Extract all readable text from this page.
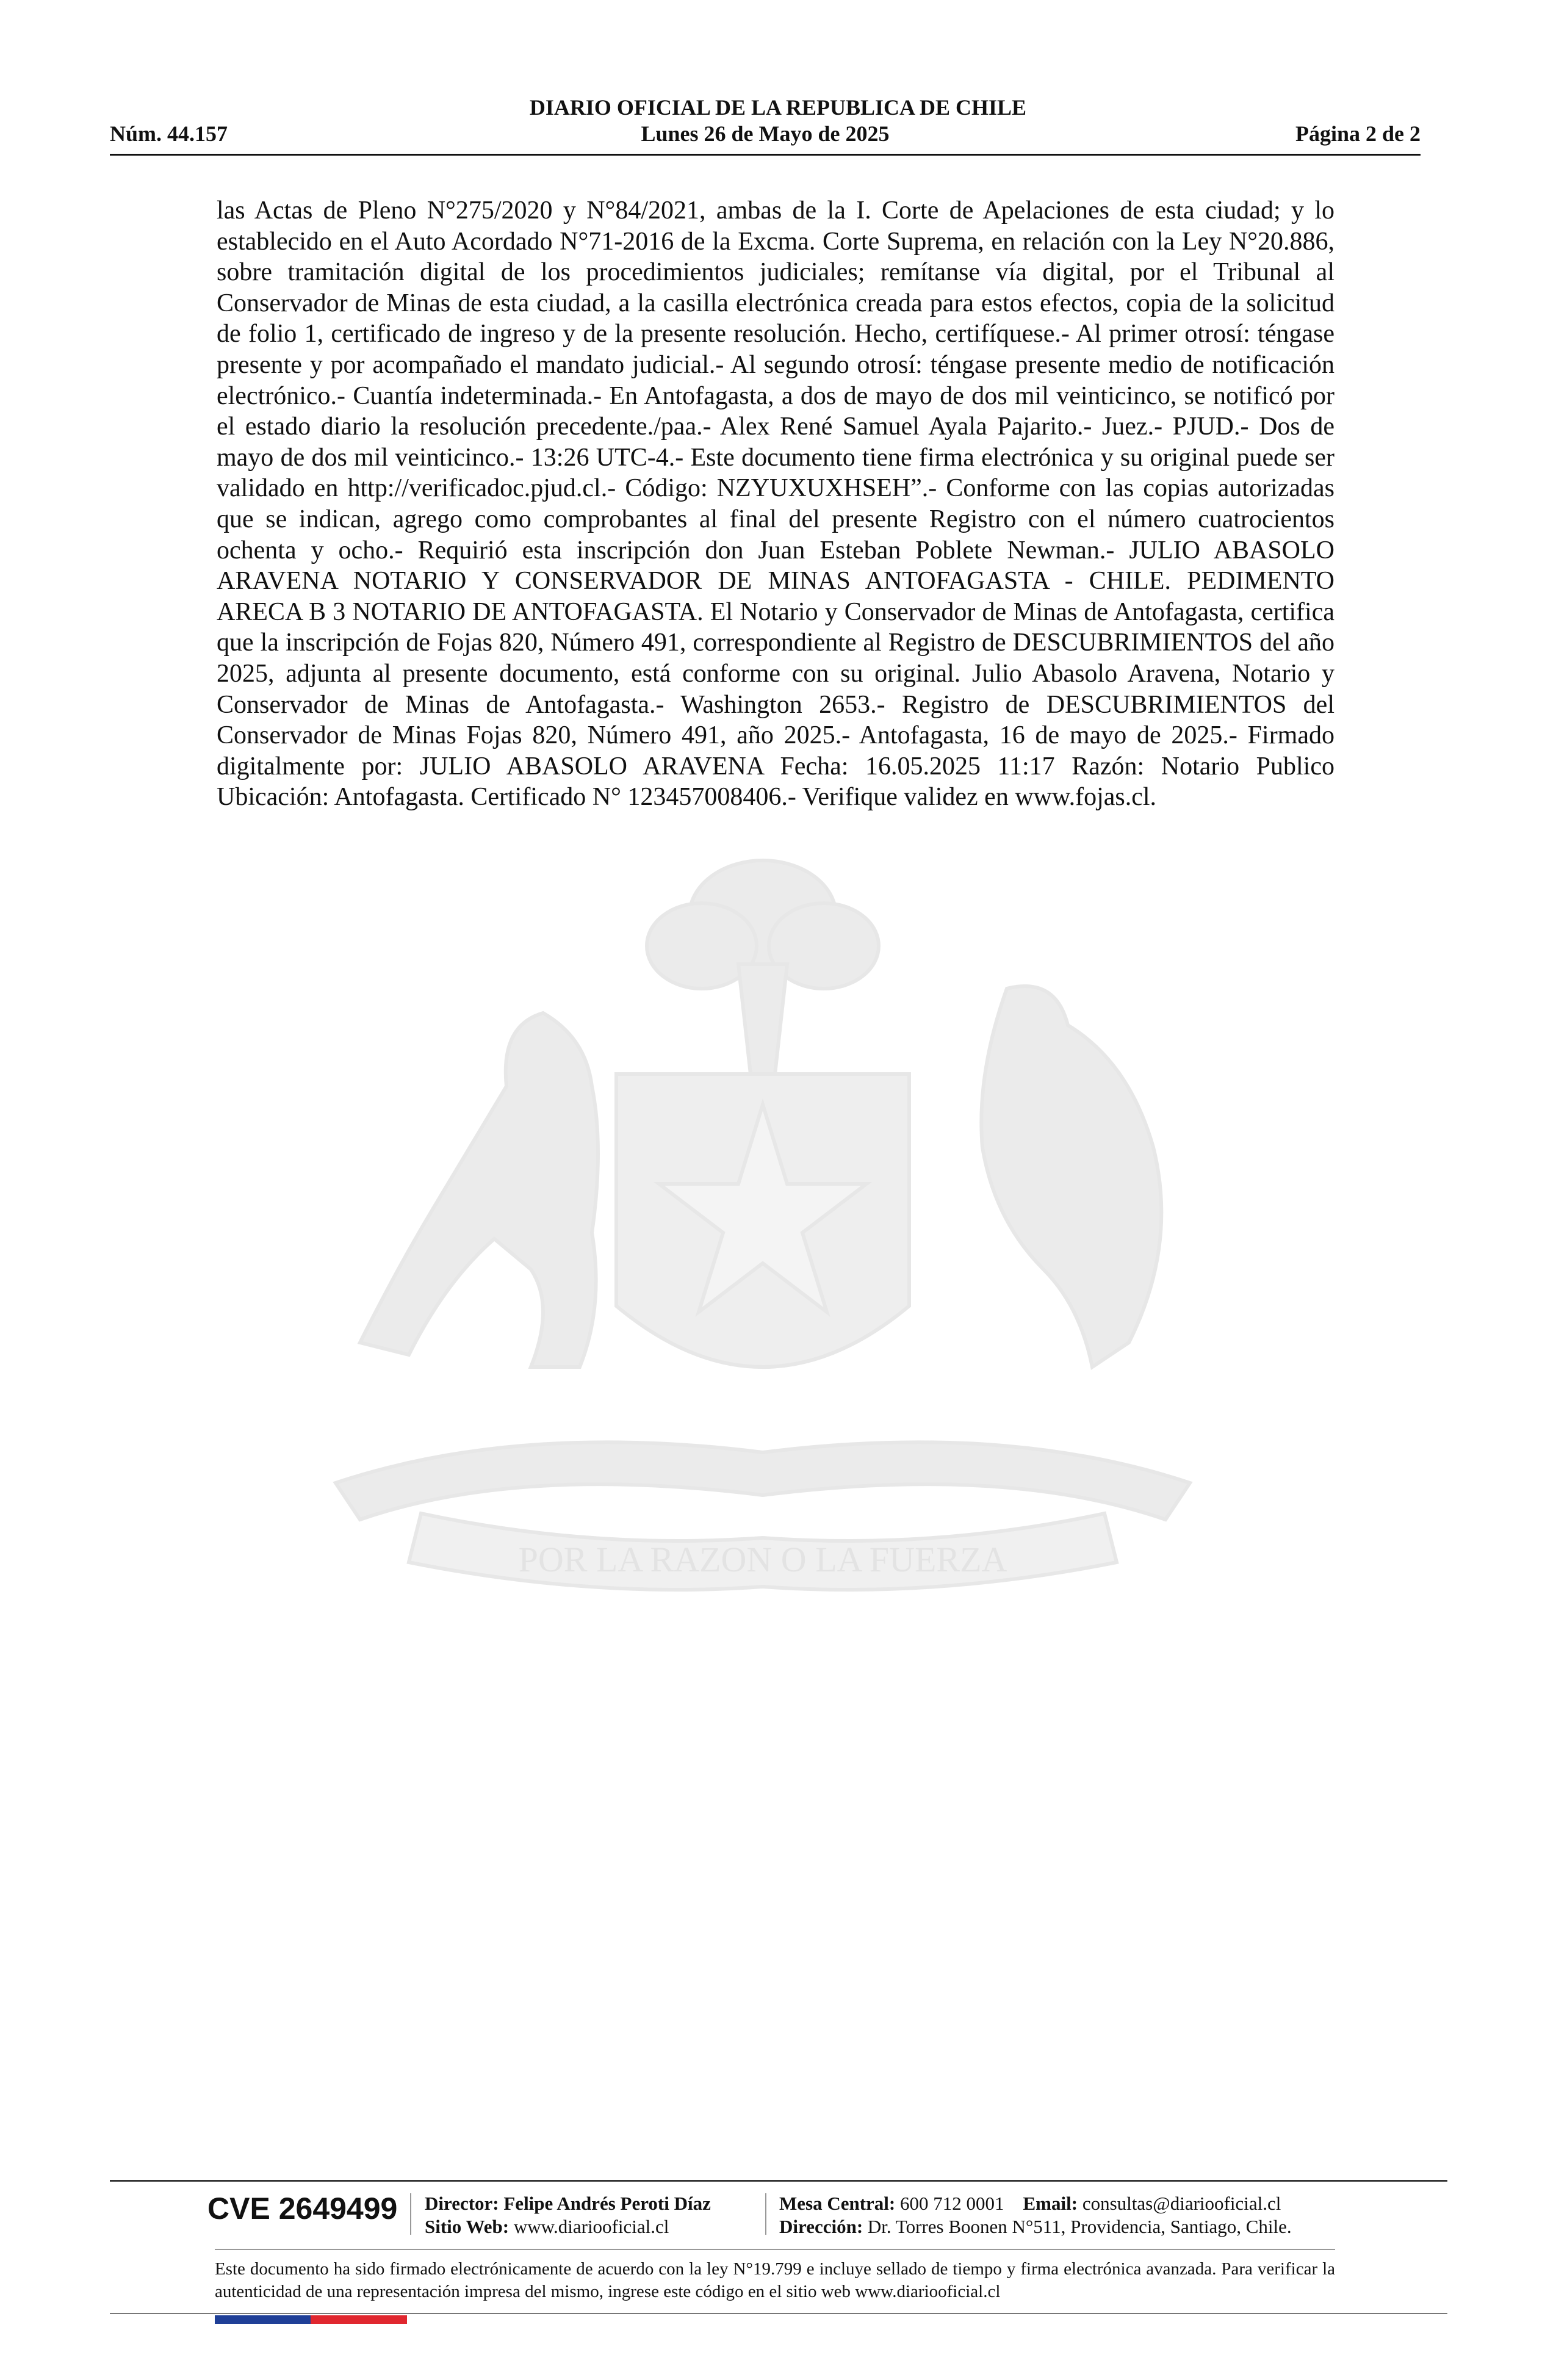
DIARIO OFICIAL DE LA REPUBLICA DE CHILE
Núm. 44.157	Lunes 26 de Mayo de 2025	Página 2 de 2
las Actas de Pleno N°275/2020 y N°84/2021, ambas de la I. Corte de Apelaciones de esta ciudad; y lo establecido en el Auto Acordado N°71-2016 de la Excma. Corte Suprema, en relación con la Ley N°20.886, sobre tramitación digital de los procedimientos judiciales; remítanse vía digital, por el Tribunal al Conservador de Minas de esta ciudad, a la casilla electrónica creada para estos efectos, copia de la solicitud de folio 1, certificado de ingreso y de la presente resolución. Hecho, certifíquese.- Al primer otrosí: téngase presente y por acompañado el mandato judicial.- Al segundo otrosí: téngase presente medio de notificación electrónico.- Cuantía indeterminada.- En Antofagasta, a dos de mayo de dos mil veinticinco, se notificó por el estado diario la resolución precedente./paa.- Alex René Samuel Ayala Pajarito.- Juez.- PJUD.- Dos de mayo de dos mil veinticinco.- 13:26 UTC-4.- Este documento tiene firma electrónica y su original puede ser validado en http://verificadoc.pjud.cl.- Código: NZYUXUXHSEH”.- Conforme con las copias autorizadas que se indican, agrego como comprobantes al final del presente Registro con el número cuatrocientos ochenta y ocho.- Requirió esta inscripción don Juan Esteban Poblete Newman.- JULIO ABASOLO ARAVENA NOTARIO Y CONSERVADOR DE MINAS ANTOFAGASTA - CHILE. PEDIMENTO ARECA B 3 NOTARIO DE ANTOFAGASTA. El Notario y Conservador de Minas de Antofagasta, certifica que la inscripción de Fojas 820, Número 491, correspondiente al Registro de DESCUBRIMIENTOS del año 2025, adjunta al presente documento, está conforme con su original. Julio Abasolo Aravena, Notario y Conservador de Minas de Antofagasta.- Washington 2653.- Registro de DESCUBRIMIENTOS del Conservador de Minas Fojas 820, Número 491, año 2025.- Antofagasta, 16 de mayo de 2025.- Firmado digitalmente por: JULIO ABASOLO ARAVENA Fecha: 16.05.2025 11:17 Razón: Notario Publico Ubicación: Antofagasta. Certificado N° 123457008406.- Verifique validez en www.fojas.cl.
POR LA RAZON O LA FUERZA
CVE 2649499 Director: Felipe Andrés Peroti Díaz
Sitio Web: www.diariooficial.cl
Mesa Central: 600 712 0001 Email: consultas@diariooficial.cl
Dirección: Dr. Torres Boonen N°511, Providencia, Santiago, Chile.
Este documento ha sido firmado electrónicamente de acuerdo con la ley N°19.799 e incluye sellado de tiempo y firma electrónica avanzada. Para verificar la autenticidad de una representación impresa del mismo, ingrese este código en el sitio web www.diariooficial.cl
